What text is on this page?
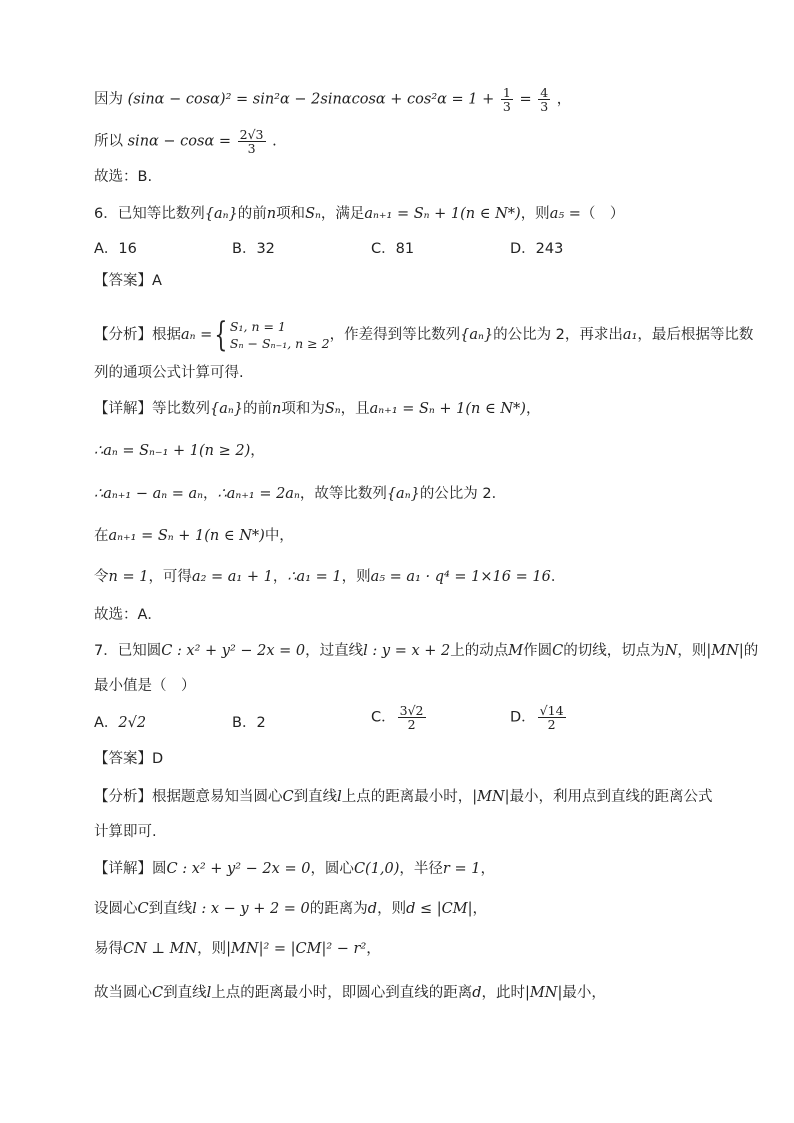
因为 $(\sin\alpha - \cos\alpha)^2 = \sin^2\alpha - 2\sin\alpha\cos\alpha + \cos^2\alpha = 1 + \frac{1}{3} = \frac{4}{3}$ ，
所以 $\sin\alpha - \cos\alpha = \frac{2√3}{3}$ .
故选：B.
6．已知等比数列{aₙ}的前n项和Sₙ，满足aₙ₊₁ = Sₙ + 1(n ∈ N*)，则a₅ =（　）
A．16	B．32	C．81	D．243
【答案】A
【分析】根据aₙ ={ S₁, n = 1
Sₙ − Sₙ₋₁, n ≥ 2
，作差得到等比数列{aₙ}的公比为 2，再求出a₁，最后根据等比数
列的通项公式计算可得.
【详解】等比数列{aₙ}的前n项和为Sₙ，且aₙ₊₁ = Sₙ + 1(n ∈ N*)，
∴aₙ = Sₙ₋₁ + 1(n ≥ 2)，
∴aₙ₊₁ − aₙ = aₙ，∴aₙ₊₁ = 2aₙ，故等比数列{aₙ}的公比为 2．
在aₙ₊₁ = Sₙ + 1(n ∈ N*)中，
令n = 1，可得a₂ = a₁ + 1，∴a₁ = 1，则a₅ = a₁ · q⁴ = 1×16 = 16．
故选：A．
7．已知圆C : x² + y² − 2x = 0，过直线l : y = x + 2上的动点M作圆C的切线，切点为N，则|MN|的
最小值是（　）
A．2√2	B．2	C． $\frac{3√2}{2}$	D． $\frac{√14}{2}$
【答案】D
【分析】根据题意易知当圆心C到直线l上点的距离最小时，|MN|最小，利用点到直线的距离公式
计算即可.
【详解】圆C : x² + y² − 2x = 0，圆心C(1,0)，半径r = 1，
设圆心C到直线l : x − y + 2 = 0的距离为d，则d ≤ |CM|，
易得CN ⊥ MN，则|MN|² = |CM|² − r²，
故当圆心C到直线l上点的距离最小时，即圆心到直线的距离d，此时|MN|最小，
